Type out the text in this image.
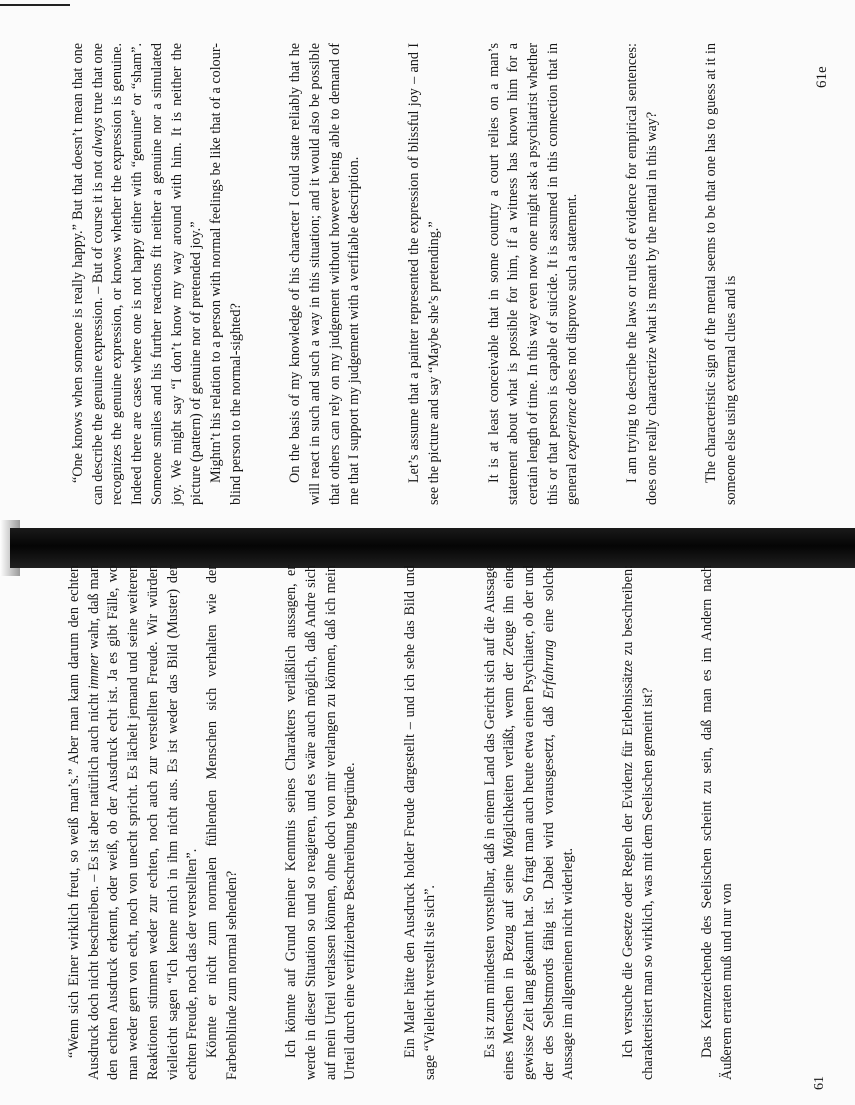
“Wenn sich Einer wirklich freut, so weiß man’s.” Aber man kann darum den echten Ausdruck doch nicht beschreiben. – Es ist aber natürlich auch nicht immer wahr, daß man den echten Ausdruck erkennt, oder weiß, ob der Ausdruck echt ist. Ja es gibt Fälle, wo man weder gern von echt, noch von unecht spricht. Es lächelt jemand und seine weiteren Reaktionen stimmen weder zur echten, noch auch zur verstellten Freude. Wir würden vielleicht sagen “Ich kenne mich in ihm nicht aus. Es ist weder das Bild (Muster) der echten Freude, noch das der verstellten”. Könnte er nicht zum normalen fühlenden Menschen sich verhalten wie der Farbenblinde zum normal sehenden?	Ich könnte auf Grund meiner Kenntnis seines Charakters verläßlich aussagen, er werde in dieser Situation so und so reagieren, und es wäre auch möglich, daß Andre sich auf mein Urteil verlassen können, ohne doch von mir verlangen zu können, daß ich mein Urteil durch eine verifizierbare Beschreibung begründe.	Ein Maler hätte den Ausdruck holder Freude dargestellt – und ich sehe das Bild und sage “Vielleicht verstellt sie sich”.	Es ist zum mindesten vorstellbar, daß in einem Land das Gericht sich auf die Aussage eines Menschen in Bezug auf seine Möglichkeiten verläßt, wenn der Zeuge ihn eine gewisse Zeit lang gekannt hat. So fragt man auch heute etwa einen Psychiater, ob der und der des Selbstmords fähig ist. Dabei wird vorausgesetzt, daß Erfahrung eine solche Aussage im allgemeinen nicht widerlegt.	Ich versuche die Gesetze oder Regeln der Evidenz für Erlebnissätze zu beschreiben: charakterisiert man so wirklich, was mit dem Seelischen gemeint ist?	Das Kennzeichende des Seelischen scheint zu sein, daß man es im Andern nach Äußerem erraten muß und nur von

“One knows when someone is really happy.” But that doesn’t mean that one can describe the genuine expression. – But of course it is not always true that one recognizes the genuine expression, or knows whether the expression is genuine. Indeed there are cases where one is not happy either with “genuine” or “sham”. Someone smiles and his further reactions fit neither a genuine nor a simulated joy. We might say “I don’t know my way around with him. It is neither the picture (pattern) of genuine nor of pretended joy.” Mightn’t his relation to a person with normal feelings be like that of a colour-blind person to the normal-sighted?	On the basis of my knowledge of his character I could state reliably that he will react in such and such a way in this situation; and it would also be possible that others can rely on my judgement without however being able to demand of me that I support my judgement with a verifiable description.	Let’s assume that a painter represented the expression of blissful joy – and I see the picture and say “Maybe she’s pretending.”	It is at least conceivable that in some country a court relies on a man’s statement about what is possible for him, if a witness has known him for a certain length of time. In this way even now one might ask a psychiatrist whether this or that person is capable of suicide. It is assumed in this connection that in general experience does not disprove such a statement.	I am trying to describe the laws or rules of evidence for empirical sentences: does one really characterize what is meant by the mental in this way?	The characteristic sign of the mental seems to be that one has to guess at it in someone else using external clues and is

61
61e
